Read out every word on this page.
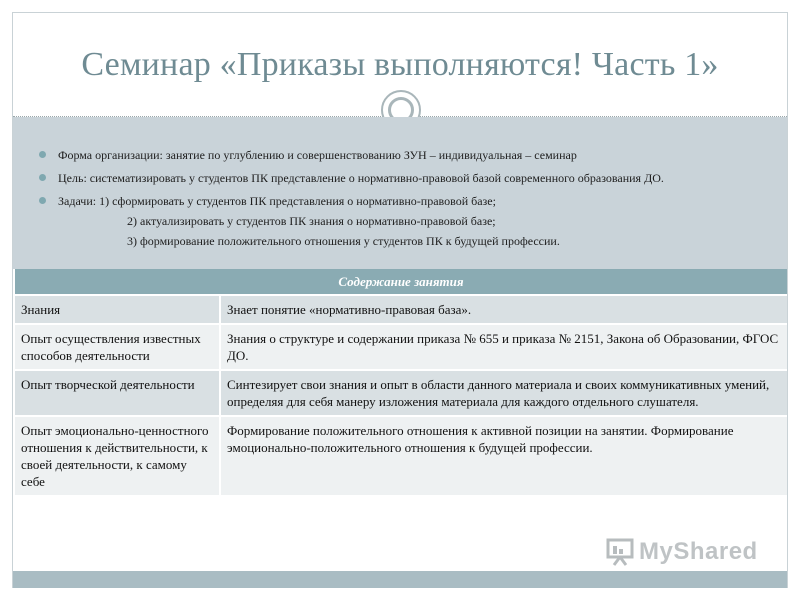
Семинар «Приказы выполняются! Часть 1»
Форма организации: занятие по углублению и совершенствованию ЗУН – индивидуальная – семинар
Цель: систематизировать у студентов ПК представление о нормативно-правовой базой современного образования ДО.
Задачи: 1) сформировать у студентов ПК представления о нормативно-правовой базе;
2) актуализировать у студентов ПК знания о нормативно-правовой базе;
3) формирование положительного отношения у студентов ПК к будущей профессии.
Содержание занятия	
Знания	Знает понятие «нормативно-правовая база».
Опыт осуществления известных способов деятельности	Знания о структуре и содержании приказа № 655 и приказа № 2151, Закона об Образовании, ФГОС ДО.
Опыт творческой деятельности	Синтезирует свои знания и опыт в области данного материала и своих коммуникативных умений, определяя для себя манеру изложения материала для каждого отдельного слушателя.
Опыт эмоционально-ценностного отношения к действительности, к своей деятельности, к самому себе	Формирование положительного отношения к активной позиции на занятии. Формирование эмоционально-положительного отношения к будущей профессии.
MyShared
